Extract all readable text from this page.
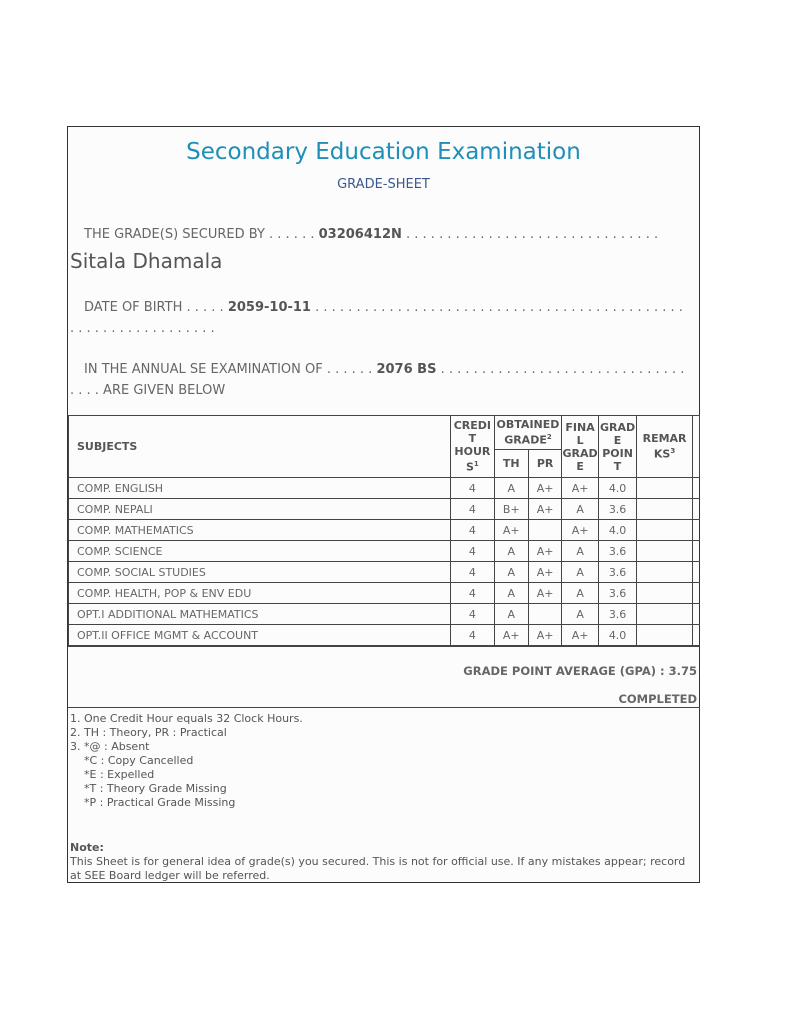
Secondary Education Examination
GRADE-SHEET
THE GRADE(S) SECURED BY . . . . . . 03206412N . . . . . . . . . . . . . . . . . . . . . . . . . . . . . . .
Sitala Dhamala
DATE OF BIRTH . . . . . 2059-10-11 . . . . . . . . . . . . . . . . . . . . . . . . . . . . . . . . . . . . . . . . . . . . .
. . . . . . . . . . . . . . . . . .
IN THE ANNUAL SE EXAMINATION OF . . . . . . 2076 BS . . . . . . . . . . . . . . . . . . . . . . . . . . . . . .
. . . . ARE GIVEN BELOW
SUBJECTS	CREDI T HOUR $S^1$	OBTAINED GRADE$^2$		FINA L GRAD E	GRAD E POIN T	REMAR $KS^3$	
		TH	PR				
COMP. ENGLISH	4	A	A+	A+	4.0		
COMP. NEPALI	4	B+	A+	A	3.6		
COMP. MATHEMATICS	4	A+		A+	4.0		
COMP. SCIENCE	4	A	A+	A	3.6		
COMP. SOCIAL STUDIES	4	A	A+	A	3.6		
COMP. HEALTH, POP & ENV EDU	4	A	A+	A	3.6		
OPT.I ADDITIONAL MATHEMATICS	4	A		A	3.6		
OPT.II OFFICE MGMT & ACCOUNT	4	A+	A+	A+	4.0		
GRADE POINT AVERAGE (GPA) : 3.75
COMPLETED
1. One Credit Hour equals 32 Clock Hours.
2. TH : Theory, PR : Practical
3. *@ : Absent
*C : Copy Cancelled
*E : Expelled
*T : Theory Grade Missing
*P : Practical Grade Missing
Note:
This Sheet is for general idea of grade(s) you secured. This is not for official use. If any mistakes appear; record at SEE Board ledger will be referred.
